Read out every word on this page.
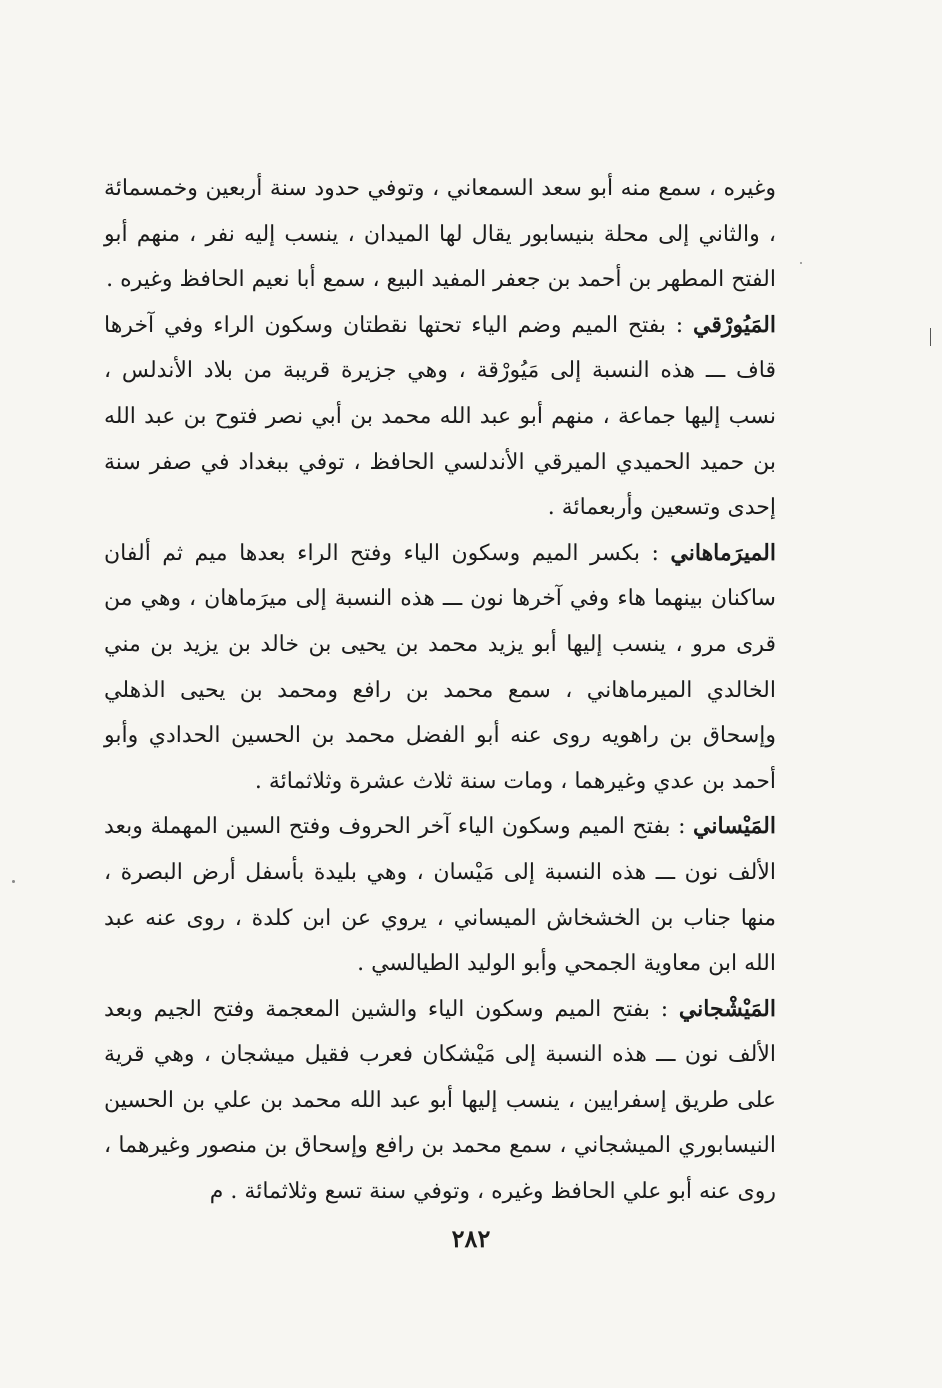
وغيره ، سمع منه أبو سعد السمعاني ، وتوفي حدود سنة أربعين وخمسمائة ، والثاني إلى محلة بنيسابور يقال لها الميدان ، ينسب إليه نفر ، منهم أبو الفتح المطهر بن أحمد بن جعفر المفيد البيع ، سمع أبا نعيم الحافظ وغيره .

المَيُورْقي : بفتح الميم وضم الياء تحتها نقطتان وسكون الراء وفي آخرها قاف ـــ هذه النسبة إلى مَيُورْقة ، وهي جزيرة قريبة من بلاد الأندلس ، نسب إليها جماعة ، منهم أبو عبد الله محمد بن أبي نصر فتوح بن عبد الله بن حميد الحميدي الميرقي الأندلسي الحافظ ، توفي ببغداد في صفر سنة إحدى وتسعين وأربعمائة .

الميرَماهاني : بكسر الميم وسكون الياء وفتح الراء بعدها ميم ثم ألفان ساكنان بينهما هاء وفي آخرها نون ـــ هذه النسبة إلى ميرَماهان ، وهي من قرى مرو ، ينسب إليها أبو يزيد محمد بن يحيى بن خالد بن يزيد بن مني الخالدي الميرماهاني ، سمع محمد بن رافع ومحمد بن يحيى الذهلي وإسحاق بن راهويه روى عنه أبو الفضل محمد بن الحسين الحدادي وأبو أحمد بن عدي وغيرهما ، ومات سنة ثلاث عشرة وثلاثمائة .

المَيْساني : بفتح الميم وسكون الياء آخر الحروف وفتح السين المهملة وبعد الألف نون ـــ هذه النسبة إلى مَيْسان ، وهي بليدة بأسفل أرض البصرة ، منها جناب بن الخشخاش الميساني ، يروي عن ابن كلدة ، روى عنه عبد الله ابن معاوية الجمحي وأبو الوليد الطيالسي .

المَيْشْجاني : بفتح الميم وسكون الياء والشين المعجمة وفتح الجيم وبعد الألف نون ـــ هذه النسبة إلى مَيْشكان فعرب فقيل ميشجان ، وهي قرية على طريق إسفرايين ، ينسب إليها أبو عبد الله محمد بن علي بن الحسين النيسابوري الميشجاني ، سمع محمد بن رافع وإسحاق بن منصور وغيرهما ، روى عنه أبو علي الحافظ وغيره ، وتوفي سنة تسع وثلاثمائة . م

٢٨٢
